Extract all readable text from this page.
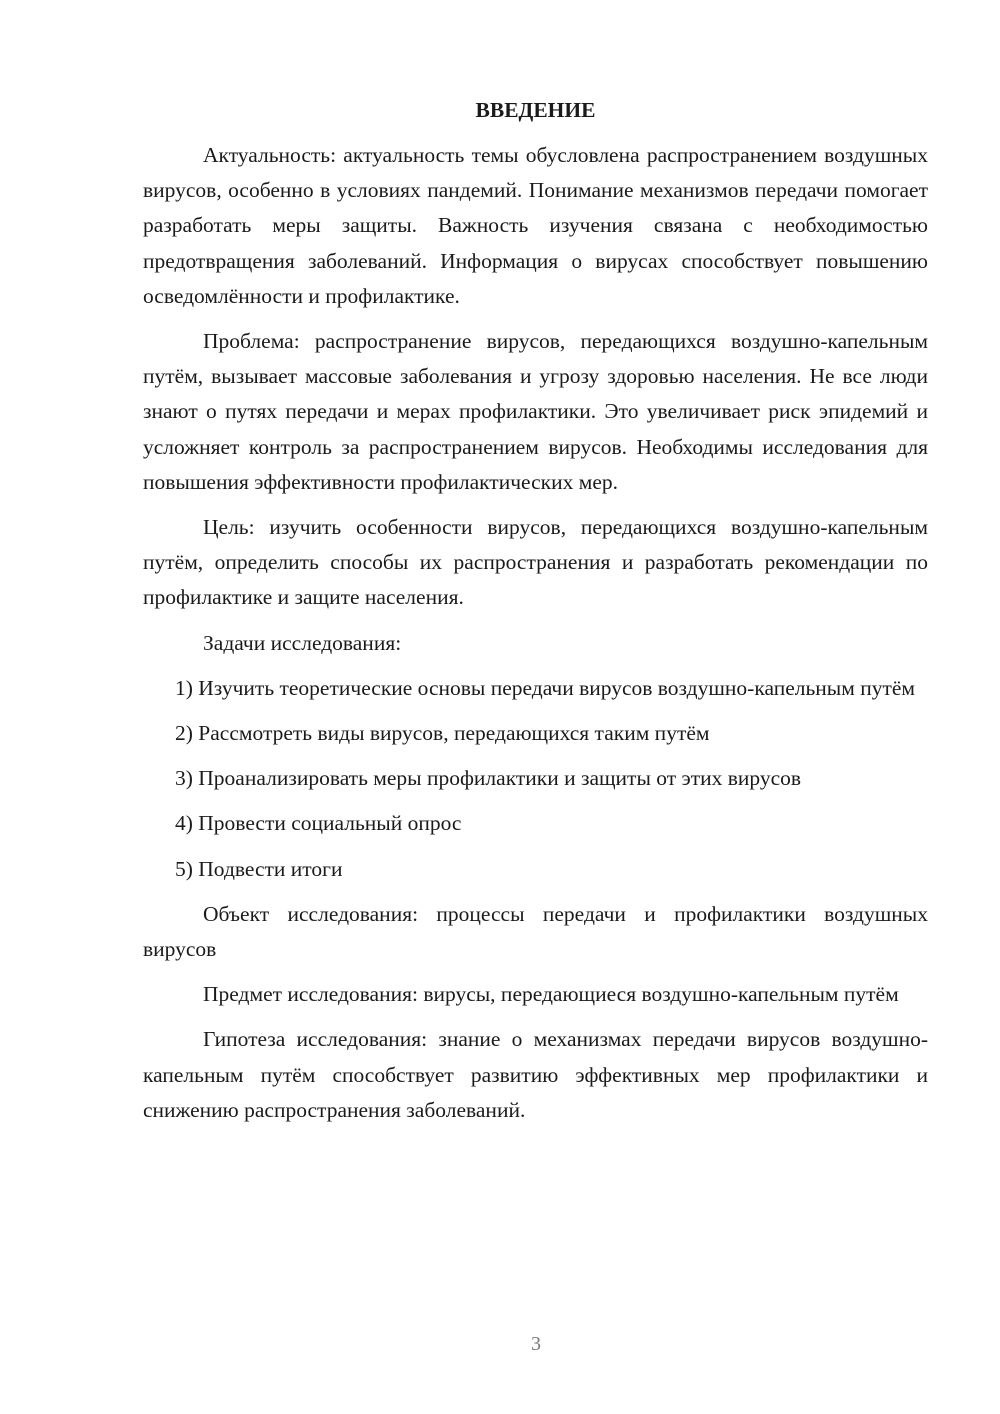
ВВЕДЕНИЕ

Актуальность: актуальность темы обусловлена распространением воздушных вирусов, особенно в условиях пандемий. Понимание механизмов передачи помогает разработать меры защиты. Важность изучения связана с необходимостью предотвращения заболеваний. Информация о вирусах способствует повышению осведомлённости и профилактике.

Проблема: распространение вирусов, передающихся воздушно-капельным путём, вызывает массовые заболевания и угрозу здоровью населения. Не все люди знают о путях передачи и мерах профилактики. Это увеличивает риск эпидемий и усложняет контроль за распространением вирусов. Необходимы исследования для повышения эффективности профилактических мер.

Цель: изучить особенности вирусов, передающихся воздушно-капельным путём, определить способы их распространения и разработать рекомендации по профилактике и защите населения.

Задачи исследования:

1) Изучить теоретические основы передачи вирусов воздушно-капельным путём

2) Рассмотреть виды вирусов, передающихся таким путём

3) Проанализировать меры профилактики и защиты от этих вирусов

4) Провести социальный опрос

5) Подвести итоги

Объект исследования: процессы передачи и профилактики воздушных вирусов

Предмет исследования: вирусы, передающиеся воздушно-капельным путём

Гипотеза исследования: знание о механизмах передачи вирусов воздушно-капельным путём способствует развитию эффективных мер профилактики и снижению распространения заболеваний.

3
